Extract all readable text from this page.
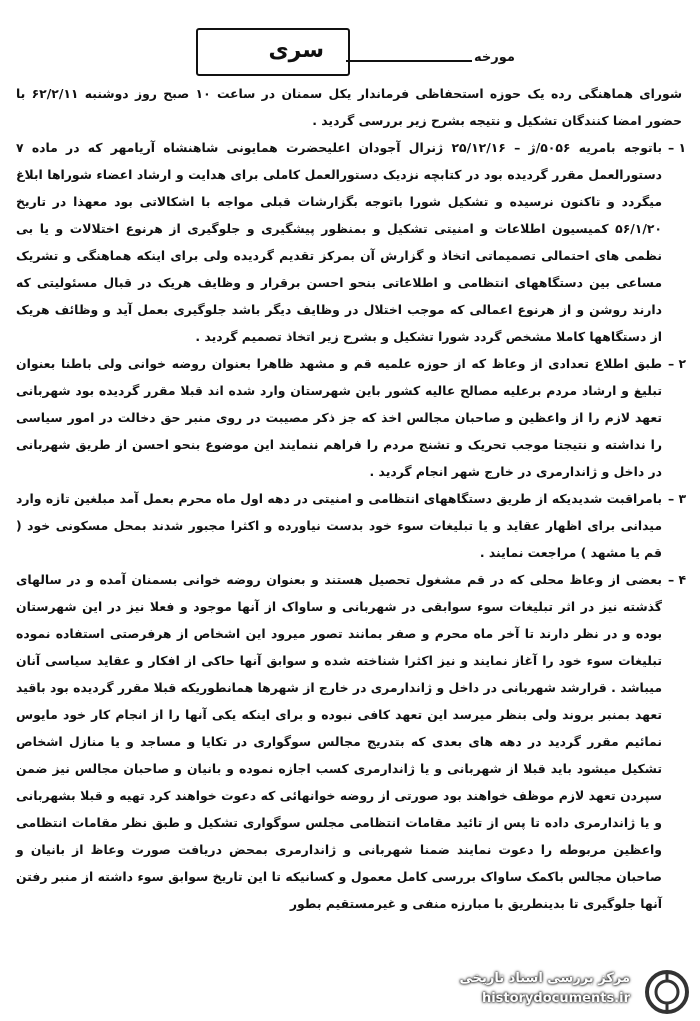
سری	مورخه
شورای هماهنگی رده یک حوزه استحفاظی فرماندار یکل سمنان در ساعت ۱۰ صبح روز دوشنبه ۶۲/۲/۱۱ با حضور امضا کنندگان تشکیل و نتیجه بشرح زیر بررسی گردید .
۱ –
باتوجه بامریه ۵۰۵۶/ژ – ۲۵/۱۲/۱۶ ژنرال آجودان اعلیحضرت همایونی شاهنشاه آریامهر که در ماده ۷ دستورالعمل مقرر گردیده بود در کتابچه نزدیک دستورالعمل کاملی برای هدایت و ارشاد اعضاء شوراها ابلاغ میگردد و تاکنون نرسیده و تشکیل شورا باتوجه بگزارشات قبلی مواجه با اشکالاتی بود معهذا در تاریخ ۵۶/۱/۲۰ کمیسیون اطلاعات و امنیتی تشکیل و بمنظور پیشگیری و جلوگیری از هرنوع اختلالات و یا بی نظمی های احتمالی تصمیماتی اتخاذ و گزارش آن بمرکز تقدیم گردیده ولی برای اینکه هماهنگی و تشریک مساعی بین دستگاههای انتظامی و اطلاعاتی بنحو احسن برقرار و وظایف هریک در قبال مسئولیتی که دارند روشن و از هرنوع اعمالی که موجب اختلال در وظایف دیگر باشد جلوگیری بعمل آید و وظائف هریک از دستگاهها کاملا مشخص گردد شورا تشکیل و بشرح زیر اتخاذ تصمیم گردید .
۲ –
طبق اطلاع تعدادی از وعاظ که از حوزه علمیه قم و مشهد ظاهرا بعنوان روضه خوانی ولی باطنا بعنوان تبلیغ و ارشاد مردم برعلیه مصالح عالیه کشور باین شهرستان وارد شده اند قبلا مقرر گردیده بود شهربانی تعهد لازم را از واعظین و صاحبان مجالس اخذ که جز ذکر مصیبت در روی منبر حق دخالت در امور سیاسی را نداشته و نتیجتا موجب تحریک و تشنج مردم را فراهم ننمایند این موضوع بنحو احسن از طریق شهربانی در داخل و ژاندارمری در خارج شهر انجام گردید .
۳ –
بامراقبت شدیدیکه از طریق دستگاههای انتظامی و امنیتی در دهه اول ماه محرم بعمل آمد مبلغین تازه وارد میدانی برای اظهار عقاید و یا تبلیغات سوء خود بدست نیاورده و اکثرا مجبور شدند بمحل مسکونی خود ( قم یا مشهد ) مراجعت نمایند .
۴ –
بعضی از وعاظ محلی که در قم مشغول تحصیل هستند و بعنوان روضه خوانی بسمنان آمده و در سالهای گذشته نیز در اثر تبلیغات سوء سوابقی در شهربانی و ساواک از آنها موجود و فعلا نیز در این شهرستان بوده و در نظر دارند تا آخر ماه محرم و صفر بمانند تصور میرود این اشخاص از هرفرصتی استفاده نموده تبلیغات سوء خود را آغاز نمایند و نیز اکثرا شناخته شده و سوابق آنها حاکی از افکار و عقاید سیاسی آنان میباشد . قرارشد شهربانی در داخل و ژاندارمری در خارج از شهرها همانطوریکه قبلا مقرر گردیده بود باقید تعهد بمنبر بروند ولی بنظر میرسد این تعهد کافی نبوده و برای اینکه یکی آنها را از انجام کار خود مایوس نمائیم مقرر گردید در دهه های بعدی که بتدریج مجالس سوگواری در تکایا و مساجد و یا منازل اشخاص تشکیل میشود باید قبلا از شهربانی و یا ژاندارمری کسب اجازه نموده و بانیان و صاحبان مجالس نیز ضمن سپردن تعهد لازم موظف خواهند بود صورتی از روضه خوانهائی که دعوت خواهند کرد تهیه و قبلا بشهربانی و یا ژاندارمری داده تا پس از تائید مقامات انتظامی مجلس سوگواری تشکیل و طبق نظر مقامات انتظامی واعظین مربوطه را دعوت نمایند ضمنا شهربانی و ژاندارمری بمحض دریافت صورت وعاظ از بانیان و صاحبان مجالس باکمک ساواک بررسی کامل معمول و کسانیکه تا این تاریخ سوابق سوء داشته از منبر رفتن آنها جلوگیری تا بدینطریق با مبارزه منفی و غیرمستقیم بطور
مرکز بررسی اسناد تاریخی
historydocuments.ir
